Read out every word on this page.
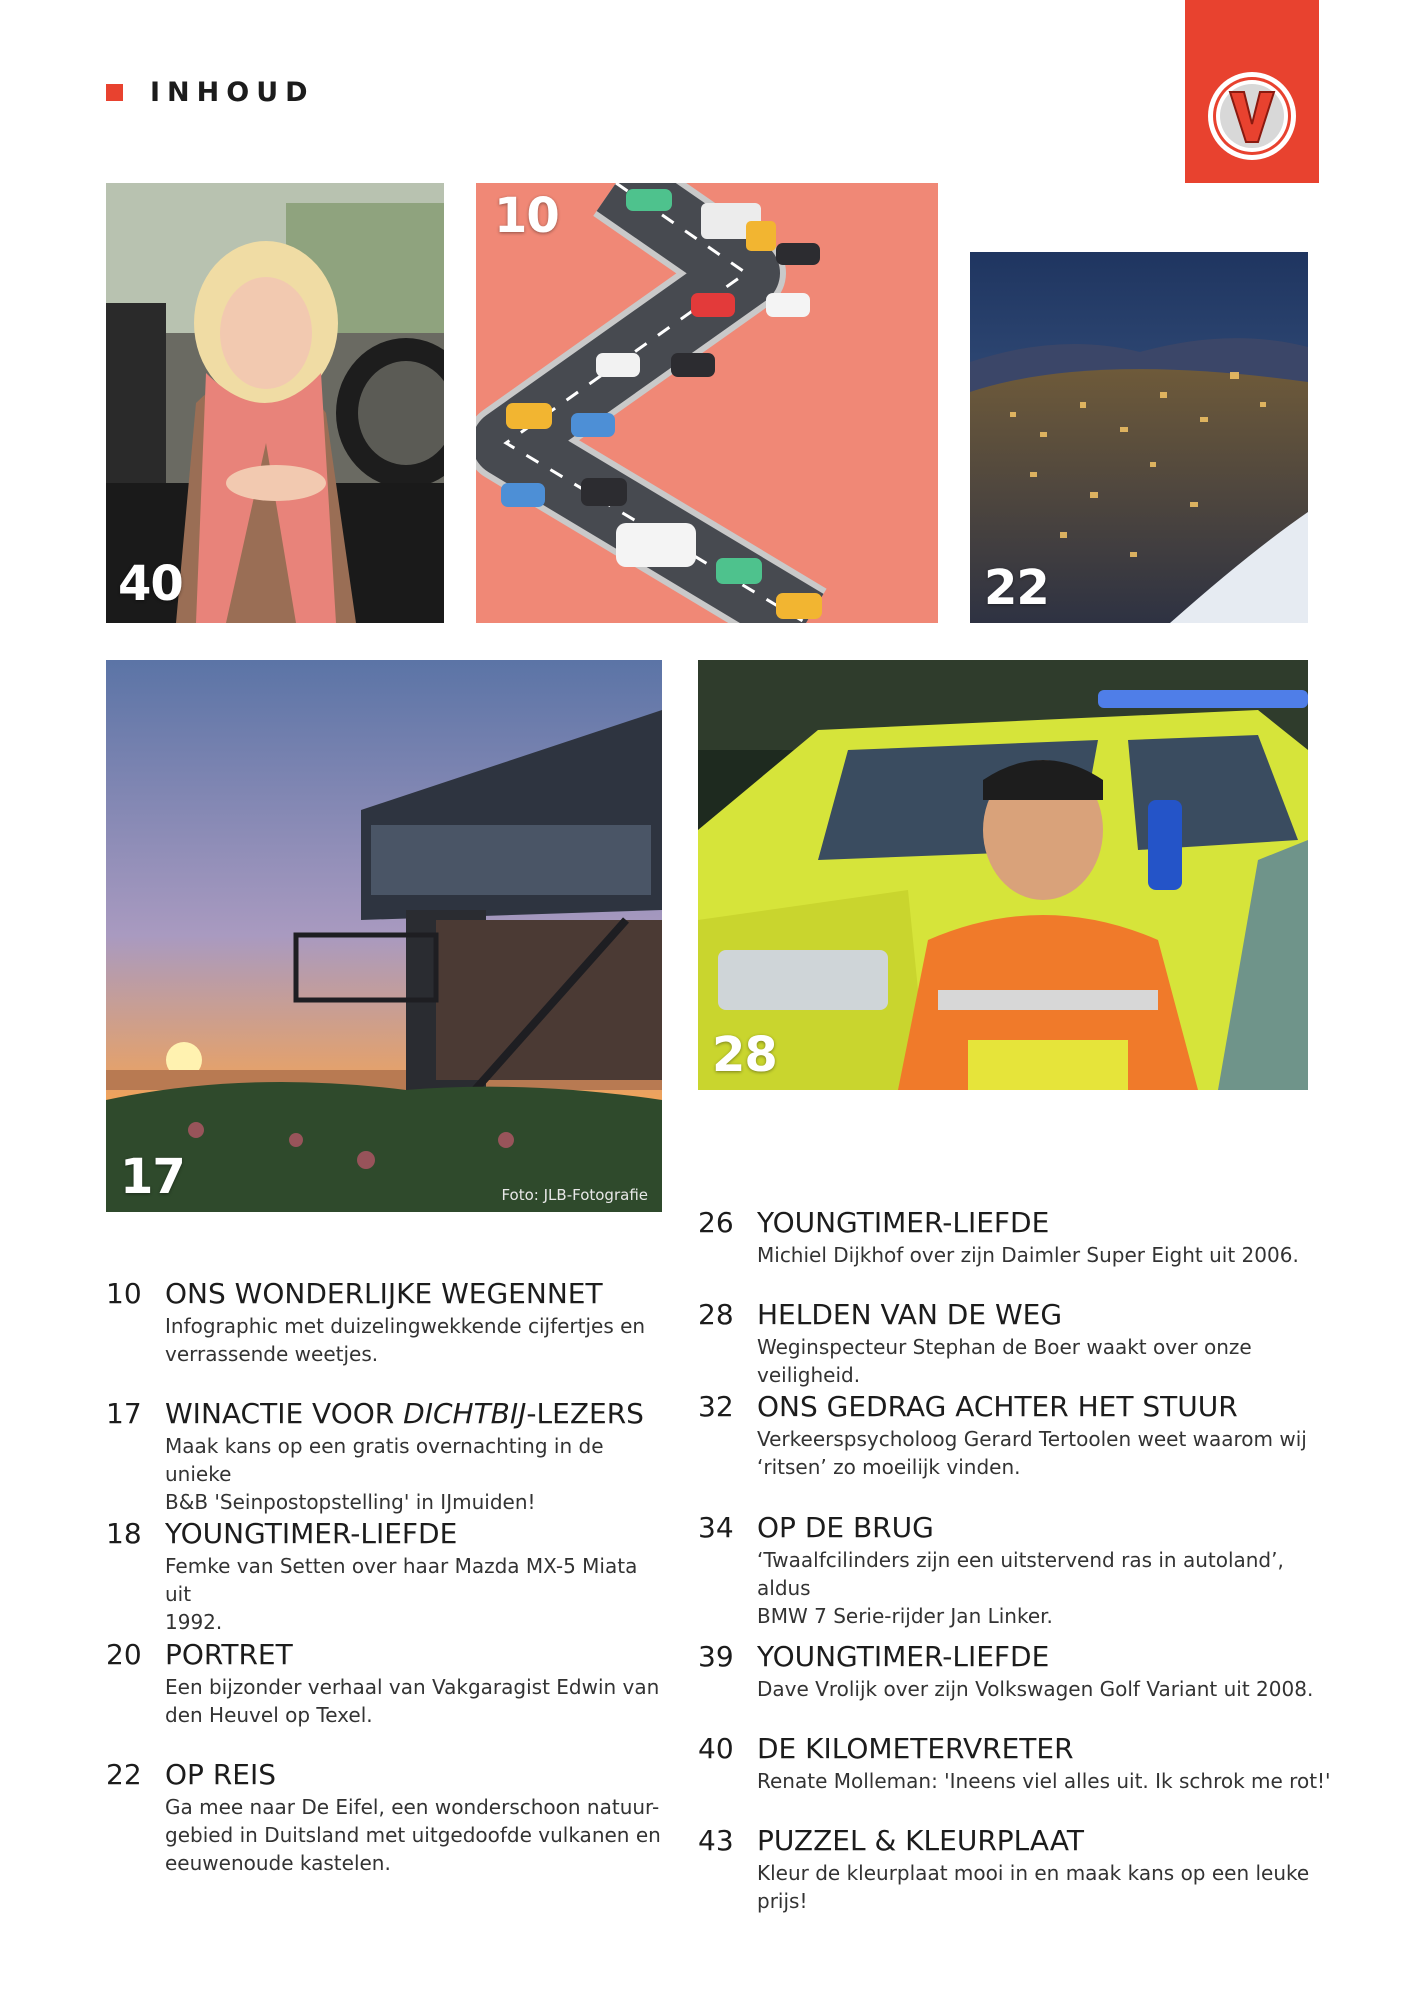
INHOUD
40
10
22
17	Foto: JLB-Fotografie
28
10 ONS WONDERLIJKE WEGENNET
Infographic met duizelingwekkende cijfertjes en
verrassende weetjes.
17 WINACTIE VOOR DICHTBIJ-LEZERS
Maak kans op een gratis overnachting in de unieke
B&B 'Seinpostopstelling' in IJmuiden!
18 YOUNGTIMER-LIEFDE
Femke van Setten over haar Mazda MX-5 Miata uit
1992.
20 PORTRET
Een bijzonder verhaal van Vakgaragist Edwin van
den Heuvel op Texel.
22 OP REIS
Ga mee naar De Eifel, een wonderschoon natuur-
gebied in Duitsland met uitgedoofde vulkanen en
eeuwenoude kastelen.
26 YOUNGTIMER-LIEFDE
Michiel Dijkhof over zijn Daimler Super Eight uit 2006.
28 HELDEN VAN DE WEG
Weginspecteur Stephan de Boer waakt over onze veiligheid.
32 ONS GEDRAG ACHTER HET STUUR
Verkeerspsycholoog Gerard Tertoolen weet waarom wij
‘ritsen’ zo moeilijk vinden.
34 OP DE BRUG
‘Twaalfcilinders zijn een uitstervend ras in autoland’, aldus
BMW 7 Serie-rijder Jan Linker.
39 YOUNGTIMER-LIEFDE
Dave Vrolijk over zijn Volkswagen Golf Variant uit 2008.
40 DE KILOMETERVRETER
Renate Molleman: 'Ineens viel alles uit. Ik schrok me rot!'
43 PUZZEL & KLEURPLAAT
Kleur de kleurplaat mooi in en maak kans op een leuke prijs!
